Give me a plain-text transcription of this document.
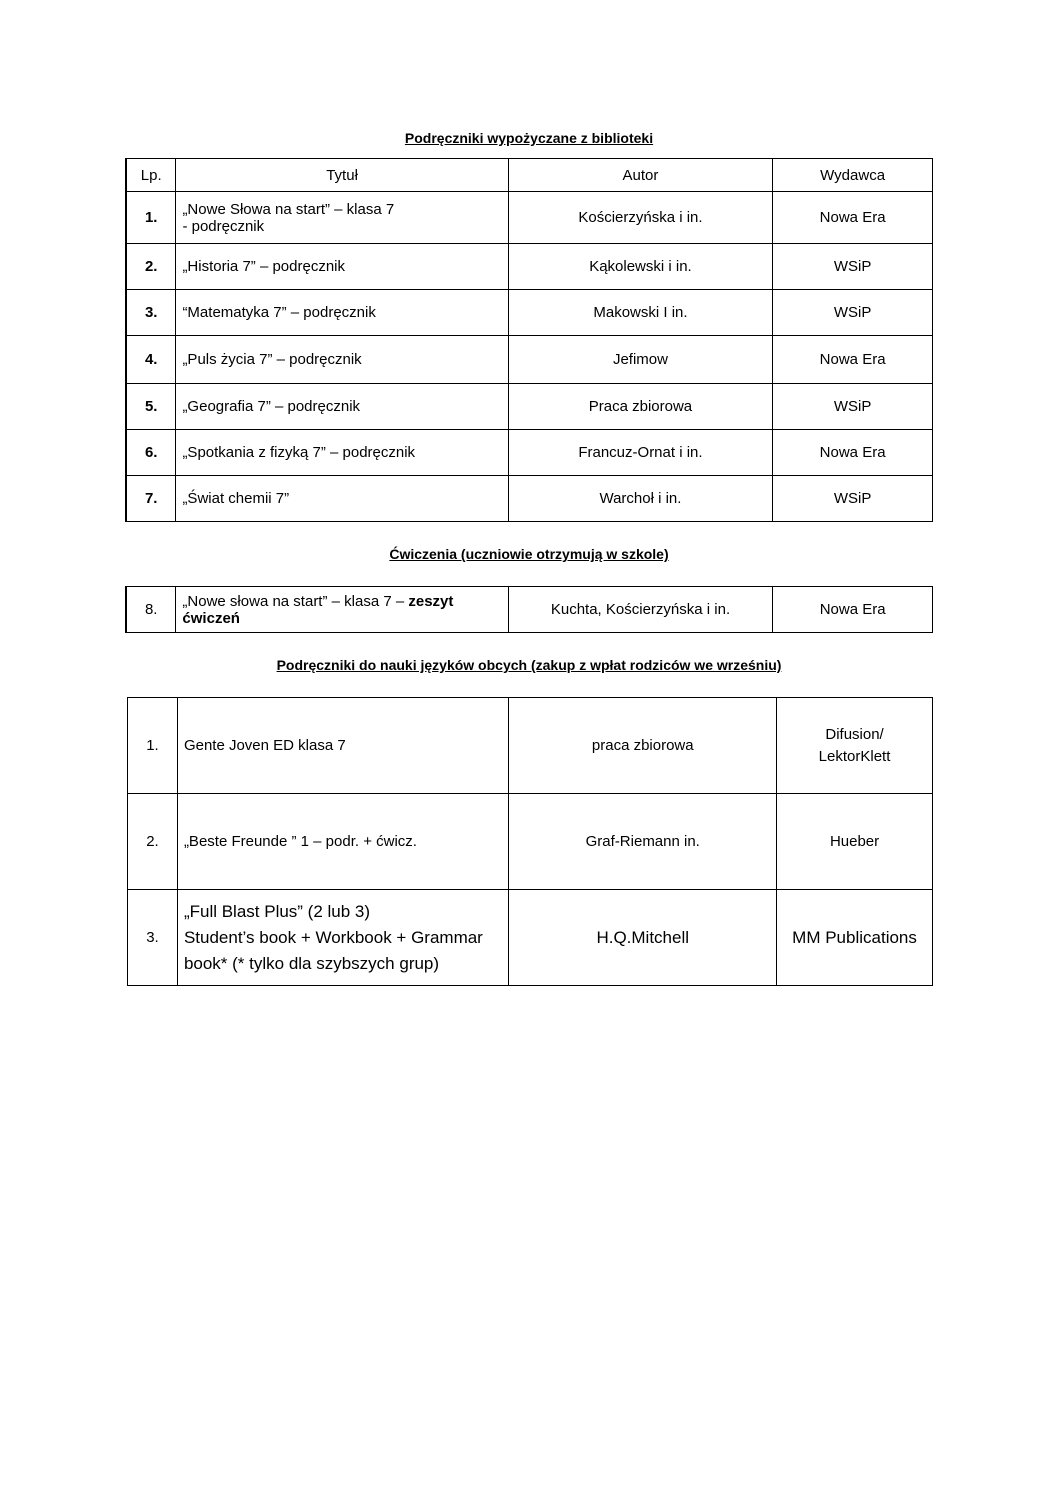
Podręczniki wypożyczane z biblioteki
Lp.	Tytuł	Autor	Wydawca
1.	„Nowe Słowa na start” – klasa 7
- podręcznik	Kościerzyńska i in.	Nowa Era
2.	„Historia 7” – podręcznik	Kąkolewski i in.	WSiP
3.	“Matematyka 7” – podręcznik	Makowski I in.	WSiP
4.	„Puls życia 7” – podręcznik	Jefimow	Nowa Era
5.	„Geografia 7” – podręcznik	Praca zbiorowa	WSiP
6.	„Spotkania z fizyką 7” – podręcznik	Francuz-Ornat i in.	Nowa Era
7.	„Świat chemii 7”	Warchoł i in.	WSiP
Ćwiczenia (uczniowie otrzymują w szkole)
8.	„Nowe słowa na start” – klasa 7 – zeszyt
ćwiczeń	Kuchta, Kościerzyńska i in.	Nowa Era
Podręczniki do nauki języków obcych (zakup z wpłat rodziców we wrześniu)
1.	Gente Joven ED klasa 7	praca zbiorowa	Difusion/
LektorKlett
2.	„Beste Freunde ” 1 – podr. + ćwicz.	Graf-Riemann in.	Hueber
3.	„Full Blast Plus” (2 lub 3)
Student’s book + Workbook + Grammar
book* (* tylko dla szybszych grup)	H.Q.Mitchell	MM Publications
